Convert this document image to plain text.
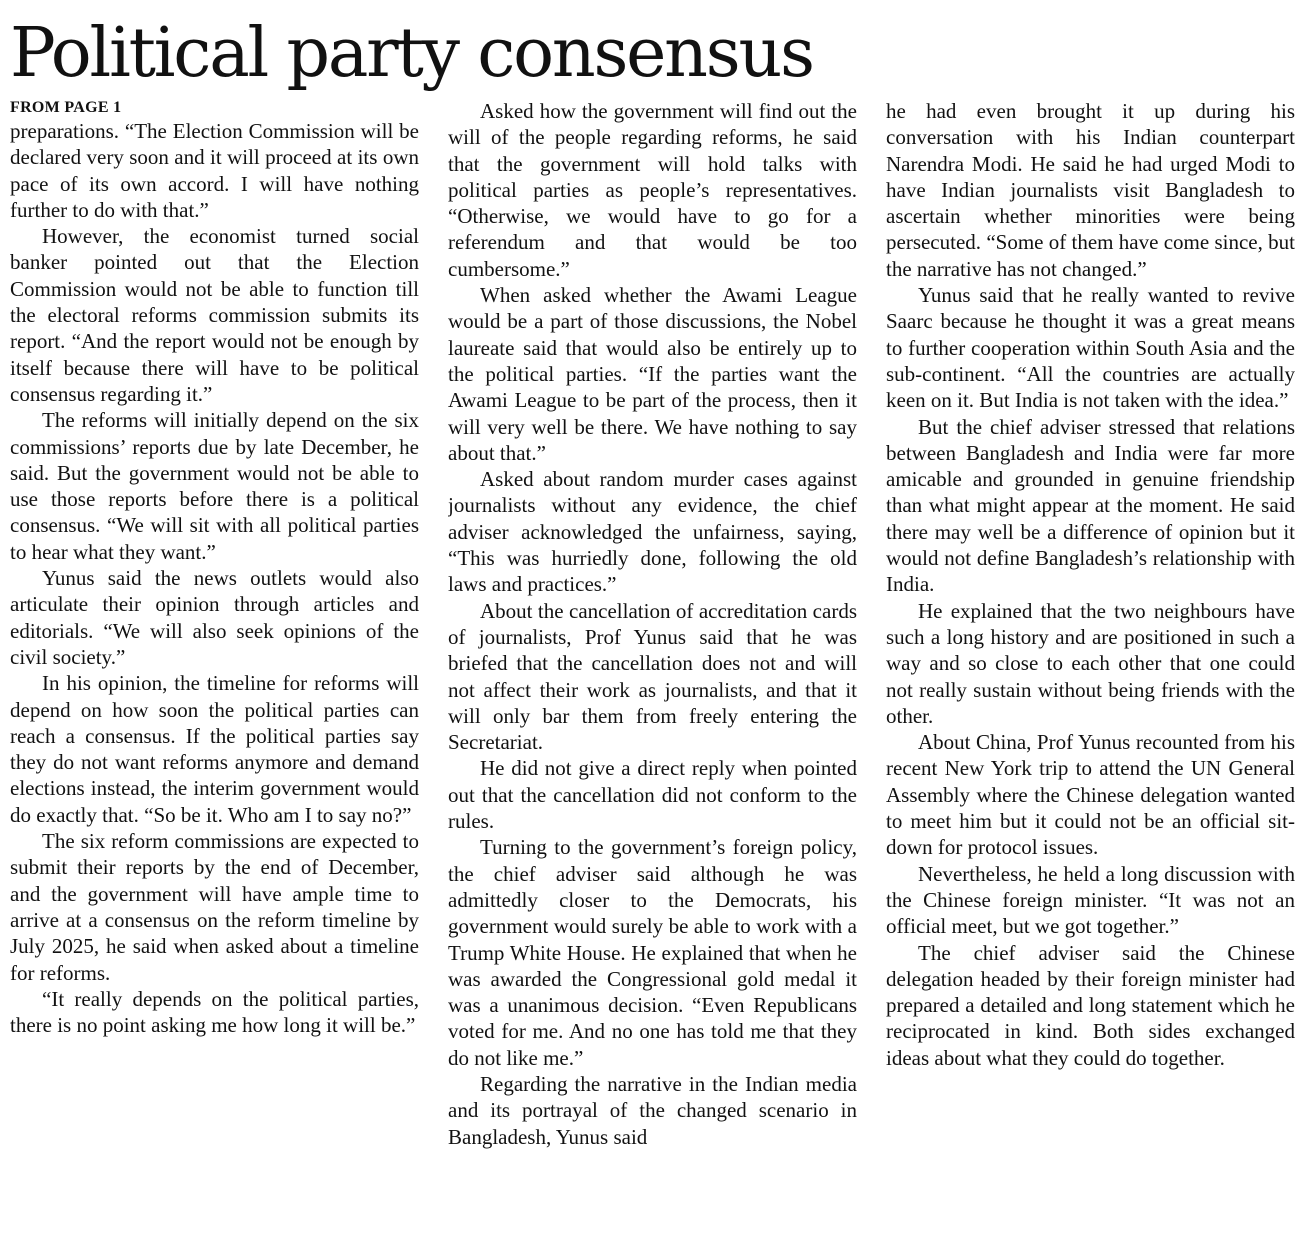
Political party consensus
FROM PAGE 1

preparations. “The Election Commission will be declared very soon and it will proceed at its own pace of its own accord. I will have nothing further to do with that.”

However, the economist turned social banker pointed out that the Election Commission would not be able to function till the electoral reforms commission submits its report. “And the report would not be enough by itself because there will have to be political consensus regarding it.”

The reforms will initially depend on the six commissions’ reports due by late December, he said. But the government would not be able to use those reports before there is a political consensus. “We will sit with all political parties to hear what they want.”

Yunus said the news outlets would also articulate their opinion through articles and editorials. “We will also seek opinions of the civil society.”

In his opinion, the timeline for reforms will depend on how soon the political parties can reach a consensus. If the political parties say they do not want reforms anymore and demand elections instead, the interim government would do exactly that. “So be it. Who am I to say no?”

The six reform commissions are expected to submit their reports by the end of December, and the government will have ample time to arrive at a consensus on the reform timeline by July 2025, he said when asked about a timeline for reforms.

“It really depends on the political parties, there is no point asking me how long it will be.”

Asked how the government will find out the will of the people regarding reforms, he said that the government will hold talks with political parties as people’s representatives. “Otherwise, we would have to go for a referendum and that would be too cumbersome.”

When asked whether the Awami League would be a part of those discussions, the Nobel laureate said that would also be entirely up to the political parties. “If the parties want the Awami League to be part of the process, then it will very well be there. We have nothing to say about that.”

Asked about random murder cases against journalists without any evidence, the chief adviser acknowledged the unfairness, saying, “This was hurriedly done, following the old laws and practices.”

About the cancellation of accreditation cards of journalists, Prof Yunus said that he was briefed that the cancellation does not and will not affect their work as journalists, and that it will only bar them from freely entering the Secretariat.

He did not give a direct reply when pointed out that the cancellation did not conform to the rules.

Turning to the government’s foreign policy, the chief adviser said although he was admittedly closer to the Democrats, his government would surely be able to work with a Trump White House. He explained that when he was awarded the Congressional gold medal it was a unanimous decision. “Even Republicans voted for me. And no one has told me that they do not like me.”

Regarding the narrative in the Indian media and its portrayal of the changed scenario in Bangladesh, Yunus said

he had even brought it up during his conversation with his Indian counterpart Narendra Modi. He said he had urged Modi to have Indian journalists visit Bangladesh to ascertain whether minorities were being persecuted. “Some of them have come since, but the narrative has not changed.”

Yunus said that he really wanted to revive Saarc because he thought it was a great means to further cooperation within South Asia and the sub-continent. “All the countries are actually keen on it. But India is not taken with the idea.”

But the chief adviser stressed that relations between Bangladesh and India were far more amicable and grounded in genuine friendship than what might appear at the moment. He said there may well be a difference of opinion but it would not define Bangladesh’s relationship with India.

He explained that the two neighbours have such a long history and are positioned in such a way and so close to each other that one could not really sustain without being friends with the other.

About China, Prof Yunus recounted from his recent New York trip to attend the UN General Assembly where the Chinese delegation wanted to meet him but it could not be an official sit-down for protocol issues.

Nevertheless, he held a long discussion with the Chinese foreign minister. “It was not an official meet, but we got together.”

The chief adviser said the Chinese delegation headed by their foreign minister had prepared a detailed and long statement which he reciprocated in kind. Both sides exchanged ideas about what they could do together.
